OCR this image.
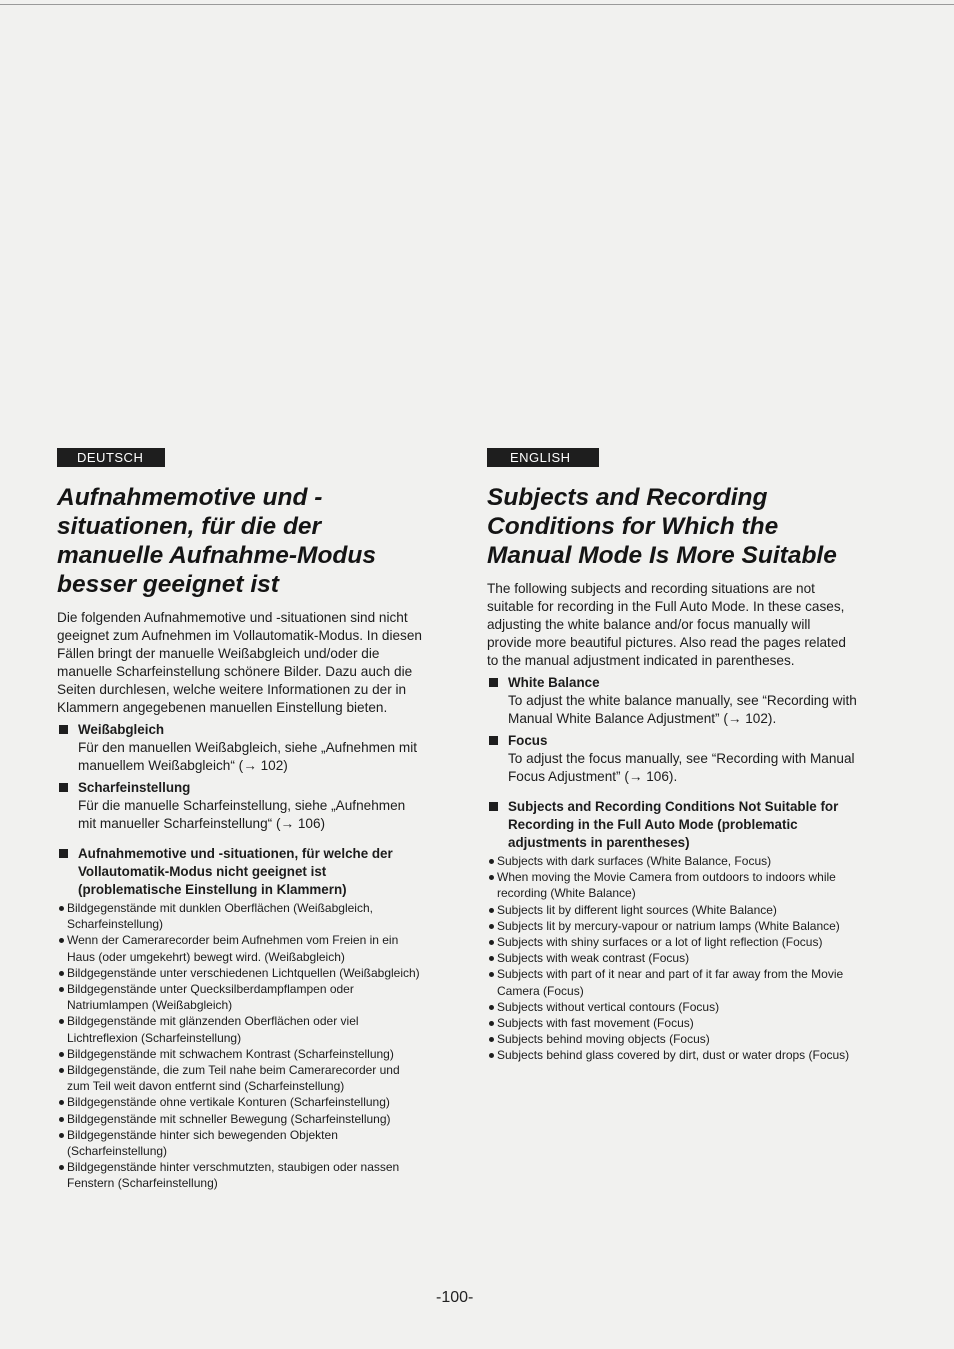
DEUTSCH
Aufnahmemotive und -situationen, für die der manuelle Aufnahme-Modus besser geeignet ist

Die folgenden Aufnahmemotive und -situationen sind nicht geeignet zum Aufnehmen im Vollautomatik-Modus. In diesen Fällen bringt der manuelle Weißabgleich und/oder die manuelle Scharfeinstellung schönere Bilder. Dazu auch die Seiten durchlesen, welche weitere Informationen zu der in Klammern angegebenen manuellen Einstellung bieten.

Weißabgleich
Für den manuellen Weißabgleich, siehe „Aufnehmen mit manuellem Weißabgleich“ (→ 102)
Scharfeinstellung
Für die manuelle Scharfeinstellung, siehe „Aufnehmen mit manueller Scharfeinstellung“ (→ 106)
Aufnahmemotive und -situationen, für welche der Vollautomatik-Modus nicht geeignet ist (problematische Einstellung in Klammern)
Bildgegenstände mit dunklen Oberflächen (Weißabgleich, Scharfeinstellung)
Wenn der Camerarecorder beim Aufnehmen vom Freien in ein Haus (oder umgekehrt) bewegt wird. (Weißabgleich)
Bildgegenstände unter verschiedenen Lichtquellen (Weißabgleich)
Bildgegenstände unter Quecksilberdampflampen oder Natriumlampen (Weißabgleich)
Bildgegenstände mit glänzenden Oberflächen oder viel Lichtreflexion (Scharfeinstellung)
Bildgegenstände mit schwachem Kontrast (Scharfeinstellung)
Bildgegenstände, die zum Teil nahe beim Camerarecorder und zum Teil weit davon entfernt sind (Scharfeinstellung)
Bildgegenstände ohne vertikale Konturen (Scharfeinstellung)
Bildgegenstände mit schneller Bewegung (Scharfeinstellung)
Bildgegenstände hinter sich bewegenden Objekten (Scharfeinstellung)
Bildgegenstände hinter verschmutzten, staubigen oder nassen Fenstern (Scharfeinstellung)
ENGLISH
Subjects and Recording Conditions for Which the Manual Mode Is More Suitable

The following subjects and recording situations are not suitable for recording in the Full Auto Mode. In these cases, adjusting the white balance and/or focus manually will provide more beautiful pictures. Also read the pages related to the manual adjustment indicated in parentheses.

White Balance
To adjust the white balance manually, see “Recording with Manual White Balance Adjustment” (→ 102).
Focus
To adjust the focus manually, see “Recording with Manual Focus Adjustment” (→ 106).
Subjects and Recording Conditions Not Suitable for Recording in the Full Auto Mode (problematic adjustments in parentheses)
Subjects with dark surfaces (White Balance, Focus)
When moving the Movie Camera from outdoors to indoors while recording (White Balance)
Subjects lit by different light sources (White Balance)
Subjects lit by mercury-vapour or natrium lamps (White Balance)
Subjects with shiny surfaces or a lot of light reflection (Focus)
Subjects with weak contrast (Focus)
Subjects with part of it near and part of it far away from the Movie Camera (Focus)
Subjects without vertical contours (Focus)
Subjects with fast movement (Focus)
Subjects behind moving objects (Focus)
Subjects behind glass covered by dirt, dust or water drops (Focus)
-100-
